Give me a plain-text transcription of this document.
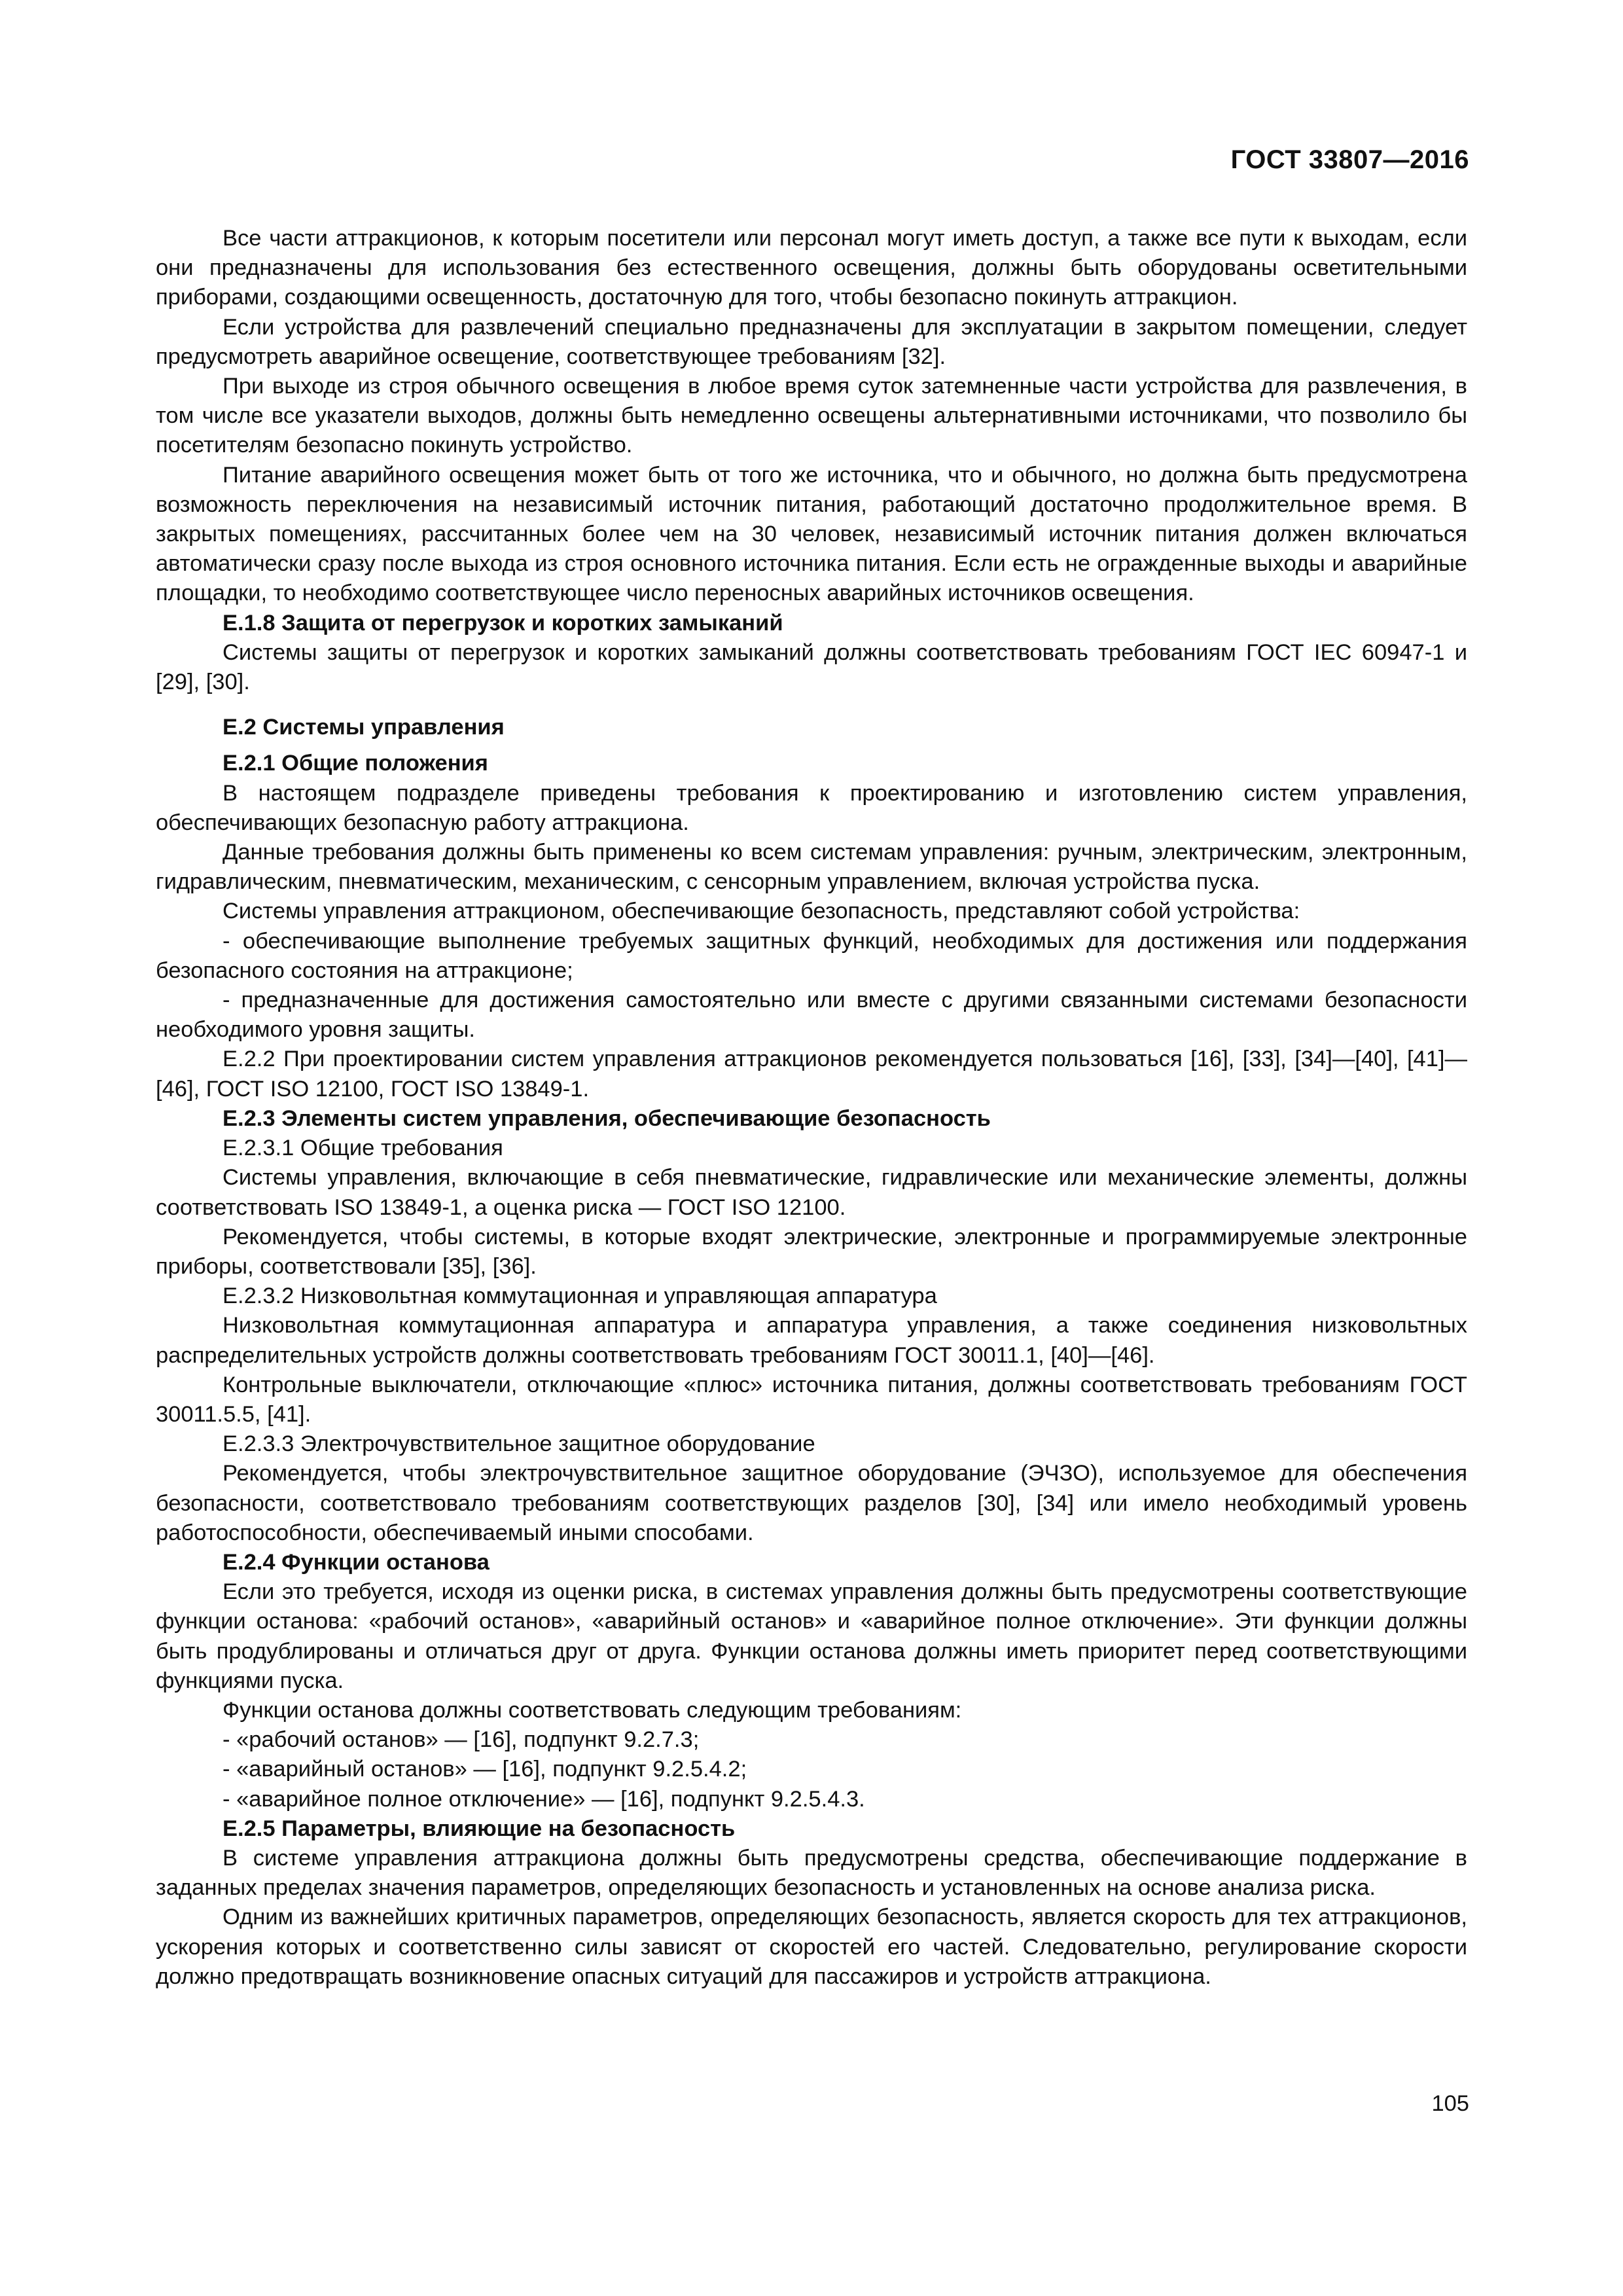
ГОСТ 33807—2016

Все части аттракционов, к которым посетители или персонал могут иметь доступ, а также все пути к выходам, если они предназначены для использования без естественного освещения, должны быть оборудованы осветительными приборами, создающими освещенность, достаточную для того, чтобы безопасно покинуть аттракцион.

Если устройства для развлечений специально предназначены для эксплуатации в закрытом помещении, следует предусмотреть аварийное освещение, соответствующее требованиям [32].

При выходе из строя обычного освещения в любое время суток затемненные части устройства для развлечения, в том числе все указатели выходов, должны быть немедленно освещены альтернативными источниками, что позволило бы посетителям безопасно покинуть устройство.

Питание аварийного освещения может быть от того же источника, что и обычного, но должна быть предусмотрена возможность переключения на независимый источник питания, работающий достаточно продолжительное время. В закрытых помещениях, рассчитанных более чем на 30 человек, независимый источник питания должен включаться автоматически сразу после выхода из строя основного источника питания. Если есть не огражденные выходы и аварийные площадки, то необходимо соответствующее число переносных аварийных источников освещения.

Е.1.8 Защита от перегрузок и коротких замыканий

Системы защиты от перегрузок и коротких замыканий должны соответствовать требованиям ГОСТ IEC 60947-1 и [29], [30].

Е.2 Системы управления

Е.2.1 Общие положения

В настоящем подразделе приведены требования к проектированию и изготовлению систем управления, обеспечивающих безопасную работу аттракциона.

Данные требования должны быть применены ко всем системам управления: ручным, электрическим, электронным, гидравлическим, пневматическим, механическим, с сенсорным управлением, включая устройства пуска.

Системы управления аттракционом, обеспечивающие безопасность, представляют собой устройства:

- обеспечивающие выполнение требуемых защитных функций, необходимых для достижения или поддержания безопасного состояния на аттракционе;

- предназначенные для достижения самостоятельно или вместе с другими связанными системами безопасности необходимого уровня защиты.

Е.2.2 При проектировании систем управления аттракционов рекомендуется пользоваться [16], [33], [34]—[40], [41]—[46], ГОСТ ISO 12100, ГОСТ ISO 13849-1.

Е.2.3 Элементы систем управления, обеспечивающие безопасность

Е.2.3.1 Общие требования

Системы управления, включающие в себя пневматические, гидравлические или механические элементы, должны соответствовать ISO 13849-1, а оценка риска — ГОСТ ISO 12100.

Рекомендуется, чтобы системы, в которые входят электрические, электронные и программируемые электронные приборы, соответствовали [35], [36].

Е.2.3.2 Низковольтная коммутационная и управляющая аппаратура

Низковольтная коммутационная аппаратура и аппаратура управления, а также соединения низковольтных распределительных устройств должны соответствовать требованиям ГОСТ 30011.1, [40]—[46].

Контрольные выключатели, отключающие «плюс» источника питания, должны соответствовать требованиям ГОСТ 30011.5.5, [41].

Е.2.3.3 Электрочувствительное защитное оборудование

Рекомендуется, чтобы электрочувствительное защитное оборудование (ЭЧЗО), используемое для обеспечения безопасности, соответствовало требованиям соответствующих разделов [30], [34] или имело необходимый уровень работоспособности, обеспечиваемый иными способами.

Е.2.4 Функции останова

Если это требуется, исходя из оценки риска, в системах управления должны быть предусмотрены соответствующие функции останова: «рабочий останов», «аварийный останов» и «аварийное полное отключение». Эти функции должны быть продублированы и отличаться друг от друга. Функции останова должны иметь приоритет перед соответствующими функциями пуска.

Функции останова должны соответствовать следующим требованиям:

- «рабочий останов» — [16], подпункт 9.2.7.3;

- «аварийный останов» — [16], подпункт 9.2.5.4.2;

- «аварийное полное отключение» — [16], подпункт 9.2.5.4.3.

Е.2.5 Параметры, влияющие на безопасность

В системе управления аттракциона должны быть предусмотрены средства, обеспечивающие поддержание в заданных пределах значения параметров, определяющих безопасность и установленных на основе анализа риска.

Одним из важнейших критичных параметров, определяющих безопасность, является скорость для тех аттракционов, ускорения которых и соответственно силы зависят от скоростей его частей. Следовательно, регулирование скорости должно предотвращать возникновение опасных ситуаций для пассажиров и устройств аттракциона.

105
